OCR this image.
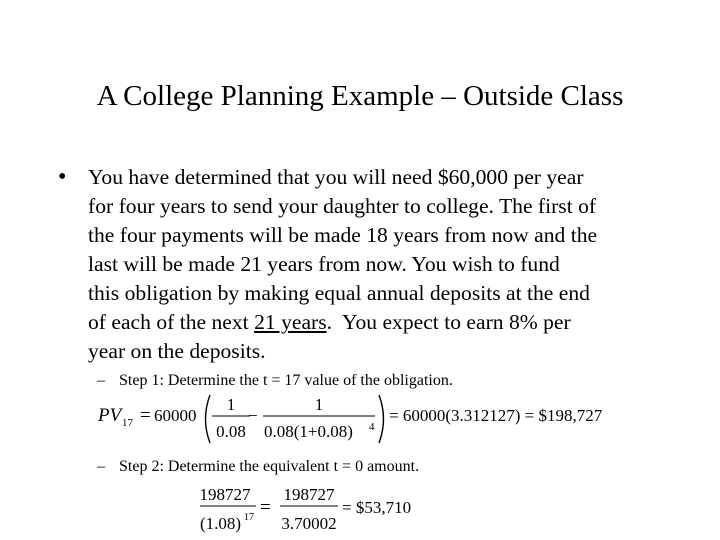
A College Planning Example – Outside Class
• You have determined that you will need $60,000 per year
for four years to send your daughter to college. The first of
the four payments will be made 18 years from now and the
last will be made 21 years from now. You wish to fund
this obligation by making equal annual deposits at the end
of each of the next 21 years.  You expect to earn 8% per
year on the deposits.
– Step 1: Determine the t = 17 value of the obligation.
PV 17 = 60000
1
0.08
−
1
0.08(1+0.08) 4
= 60000(3.312127) = $198,727
– Step 2: Determine the equivalent t = 0 amount.
198727
(1.08) 17 =
198727
3.70002
= $53,710
